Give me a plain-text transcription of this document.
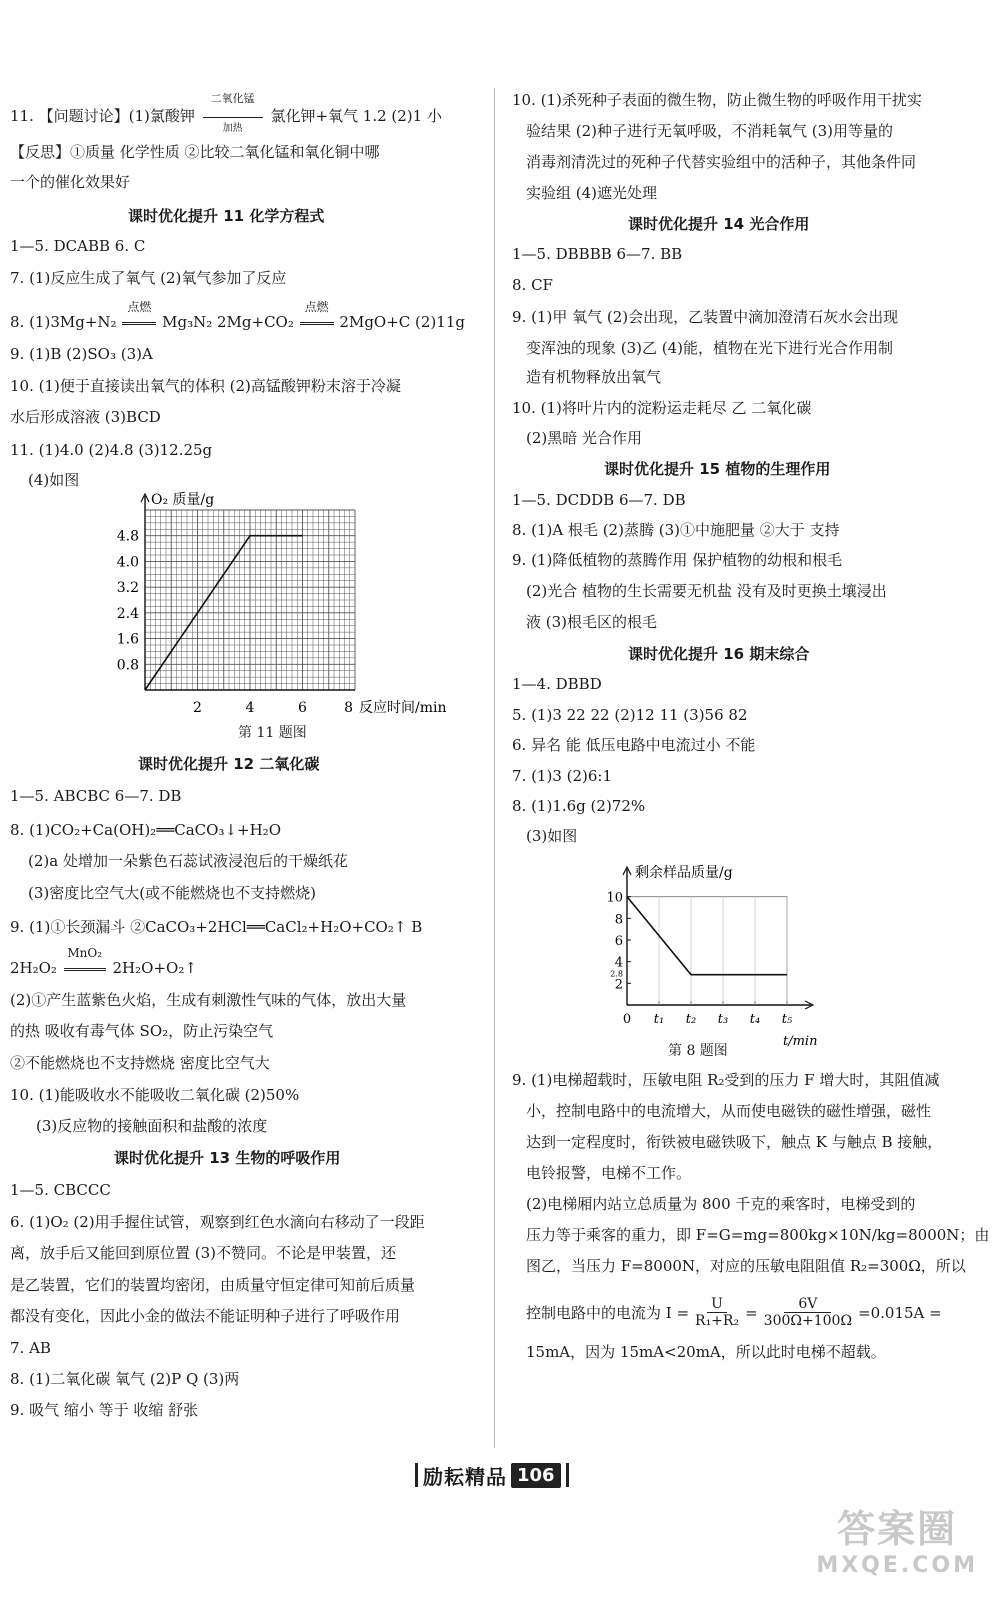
11. 【问题讨论】(1)氯酸钾
二氧化锰
加热
氯化钾+氧气 1.2 (2)1 小
【反思】①质量 化学性质 ②比较二氧化锰和氧化铜中哪
一个的催化效果好
课时优化提升 11 化学方程式
1—5. DCABB 6. C
7. (1)反应生成了氧气 (2)氧气参加了反应
8. (1)3Mg+N₂
点燃
Mg₃N₂ 2Mg+CO₂
点燃
2MgO+C (2)11g
9. (1)B (2)SO₃ (3)A
10. (1)便于直接读出氧气的体积 (2)高锰酸钾粉末溶于冷凝
水后形成溶液 (3)BCD
11. (1)4.0 (2)4.8 (3)12.25g
(4)如图
O₂ 质量/g
反应时间/min
0.8
1.6
2.4
3.2
4.0
4.8
2	4	6	8
第 11 题图
课时优化提升 12 二氧化碳
1—5. ABCBC 6—7. DB
8. (1)CO₂+Ca(OH)₂══CaCO₃↓+H₂O
(2)a 处增加一朵紫色石蕊试液浸泡后的干燥纸花
(3)密度比空气大(或不能燃烧也不支持燃烧)
9. (1)①长颈漏斗 ②CaCO₃+2HCl══CaCl₂+H₂O+CO₂↑ B
2H₂O₂
MnO₂
2H₂O+O₂↑
(2)①产生蓝紫色火焰，生成有刺激性气味的气体，放出大量
的热 吸收有毒气体 SO₂，防止污染空气
②不能燃烧也不支持燃烧 密度比空气大
10. (1)能吸收水不能吸收二氧化碳 (2)50%
(3)反应物的接触面积和盐酸的浓度
课时优化提升 13 生物的呼吸作用
1—5. CBCCC
6. (1)O₂ (2)用手握住试管，观察到红色水滴向右移动了一段距
离，放手后又能回到原位置 (3)不赞同。不论是甲装置，还
是乙装置，它们的装置均密闭，由质量守恒定律可知前后质量
都没有变化，因此小金的做法不能证明种子进行了呼吸作用
7. AB
8. (1)二氧化碳 氧气 (2)P Q (3)两
9. 吸气 缩小 等于 收缩 舒张
10. (1)杀死种子表面的微生物，防止微生物的呼吸作用干扰实
验结果 (2)种子进行无氧呼吸，不消耗氧气 (3)用等量的
消毒剂清洗过的死种子代替实验组中的活种子，其他条件同
实验组 (4)遮光处理
课时优化提升 14 光合作用
1—5. DBBBB 6—7. BB
8. CF
9. (1)甲 氧气 (2)会出现，乙装置中滴加澄清石灰水会出现
变浑浊的现象 (3)乙 (4)能，植物在光下进行光合作用制
造有机物释放出氧气
10. (1)将叶片内的淀粉运走耗尽 乙 二氧化碳
(2)黑暗 光合作用
课时优化提升 15 植物的生理作用
1—5. DCDDB 6—7. DB
8. (1)A 根毛 (2)蒸腾 (3)①中施肥量 ②大于 支持
9. (1)降低植物的蒸腾作用 保护植物的幼根和根毛
(2)光合 植物的生长需要无机盐 没有及时更换土壤浸出
液 (3)根毛区的根毛
课时优化提升 16 期末综合
1—4. DBBD
5. (1)3 22 22 (2)12 11 (3)56 82
6. 异名 能 低压电路中电流过小 不能
7. (1)3 (2)6:1
8. (1)1.6g (2)72%
(3)如图
剩余样品质量/g
t/min
2
4
6
8
10
2.8
0 t₁ t₂ t₃ t₄ t₅
第 8 题图
9. (1)电梯超载时，压敏电阻 R₂受到的压力 F 增大时，其阻值减
小，控制电路中的电流增大，从而使电磁铁的磁性增强，磁性
达到一定程度时，衔铁被电磁铁吸下，触点 K 与触点 B 接触，
电铃报警，电梯不工作。
(2)电梯厢内站立总质量为 800 千克的乘客时，电梯受到的
压力等于乘客的重力，即 F=G=mg=800kg×10N/kg=8000N；由
图乙，当压力 F=8000N，对应的压敏电阻阻值 R₂=300Ω，所以
控制电路中的电流为 $I = \frac{U}{\text{R₁+R₂}} = \frac{6V}{300\Omega+100\Omega} =0.015A$ =
15mA，因为 15mA<20mA，所以此时电梯不超载。
励耘精品 106
答案圈
MXQE.COM
